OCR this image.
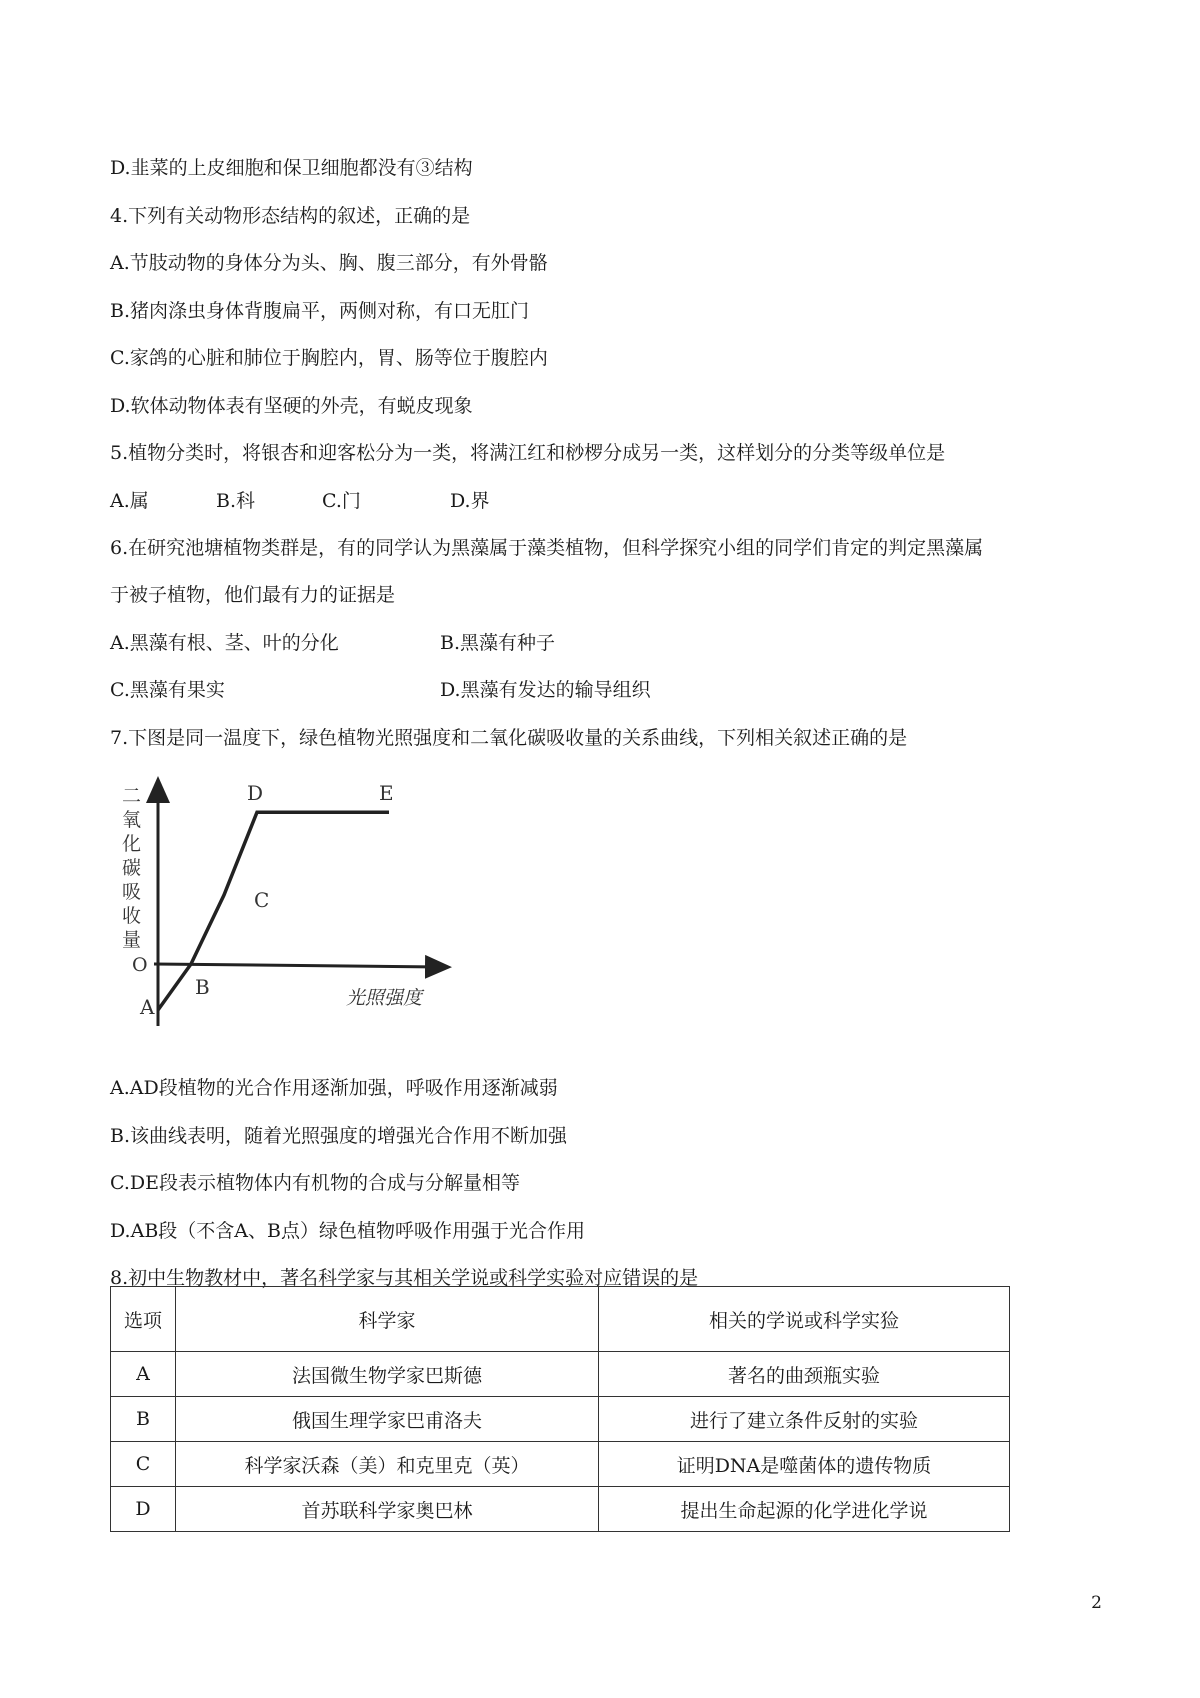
D.韭菜的上皮细胞和保卫细胞都没有③结构
4.下列有关动物形态结构的叙述，正确的是
A.节肢动物的身体分为头、胸、腹三部分，有外骨骼
B.猪肉涤虫身体背腹扁平，两侧对称，有口无肛门
C.家鸽的心脏和肺位于胸腔内，胃、肠等位于腹腔内
D.软体动物体表有坚硬的外壳，有蜕皮现象
5.植物分类时，将银杏和迎客松分为一类，将满江红和桫椤分成另一类，这样划分的分类等级单位是
A.属	B.科	C.门	D.界
6.在研究池塘植物类群是，有的同学认为黑藻属于藻类植物，但科学探究小组的同学们肯定的判定黑藻属
于被子植物，他们最有力的证据是
A.黑藻有根、茎、叶的分化	B.黑藻有种子
C.黑藻有果实	D.黑藻有发达的输导组织
7.下图是同一温度下，绿色植物光照强度和二氧化碳吸收量的关系曲线，下列相关叙述正确的是
二氧化碳吸收量
光照强度
O
A
B
C
D	E
A.AD段植物的光合作用逐渐加强，呼吸作用逐渐减弱
B.该曲线表明，随着光照强度的增强光合作用不断加强
C.DE段表示植物体内有机物的合成与分解量相等
D.AB段（不含A、B点）绿色植物呼吸作用强于光合作用
8.初中生物教材中，著名科学家与其相关学说或科学实验对应错误的是
选项	科学家	相关的学说或科学实猃
A	法国微生物学家巴斯德	著名的曲颈瓶实验
B	俄国生理学家巴甫洛夫	进行了建立条件反射的实验
C	科学家沃森（美）和克里克（英）	证明DNA是噬菌体的遗传物质
D	首苏联科学家奥巴林	提出生命起源的化学进化学说
2
